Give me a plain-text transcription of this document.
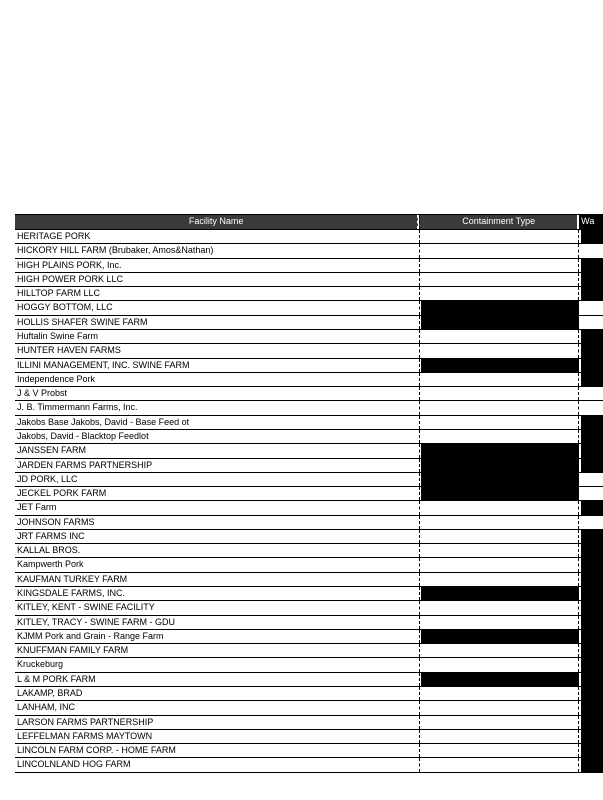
Facility Name	Containment Type	Wa
HERITAGE PORK
HICKORY HILL FARM (Brubaker, Amos&Nathan)
HIGH PLAINS PORK, Inc.
HIGH POWER PORK LLC
HILLTOP FARM LLC
HOGGY BOTTOM, LLC
HOLLIS SHAFER SWINE FARM
Huftalin Swine Farm
HUNTER HAVEN FARMS
ILLINI MANAGEMENT, INC. SWINE FARM
Independence Pork
J & V Probst
J. B. Timmermann Farms, Inc.
Jakobs Base Jakobs, David - Base Feed ot
Jakobs, David - Blacktop Feedlot
JANSSEN FARM
JARDEN FARMS PARTNERSHIP
JD PORK, LLC
JECKEL PORK FARM
JET Farm
JOHNSON FARMS
JRT FARMS INC
KALLAL BROS.
Kampwerth Pork
KAUFMAN TURKEY FARM
KINGSDALE FARMS, INC.
KITLEY, KENT - SWINE FACILITY
KITLEY, TRACY - SWINE FARM - GDU
KJMM Pork and Grain - Range Farm
KNUFFMAN FAMILY FARM
Kruckeburg
L & M PORK FARM
LAKAMP, BRAD
LANHAM, INC
LARSON FARMS PARTNERSHIP
LEFFELMAN FARMS MAYTOWN
LINCOLN FARM CORP. - HOME FARM
LINCOLNLAND HOG FARM
